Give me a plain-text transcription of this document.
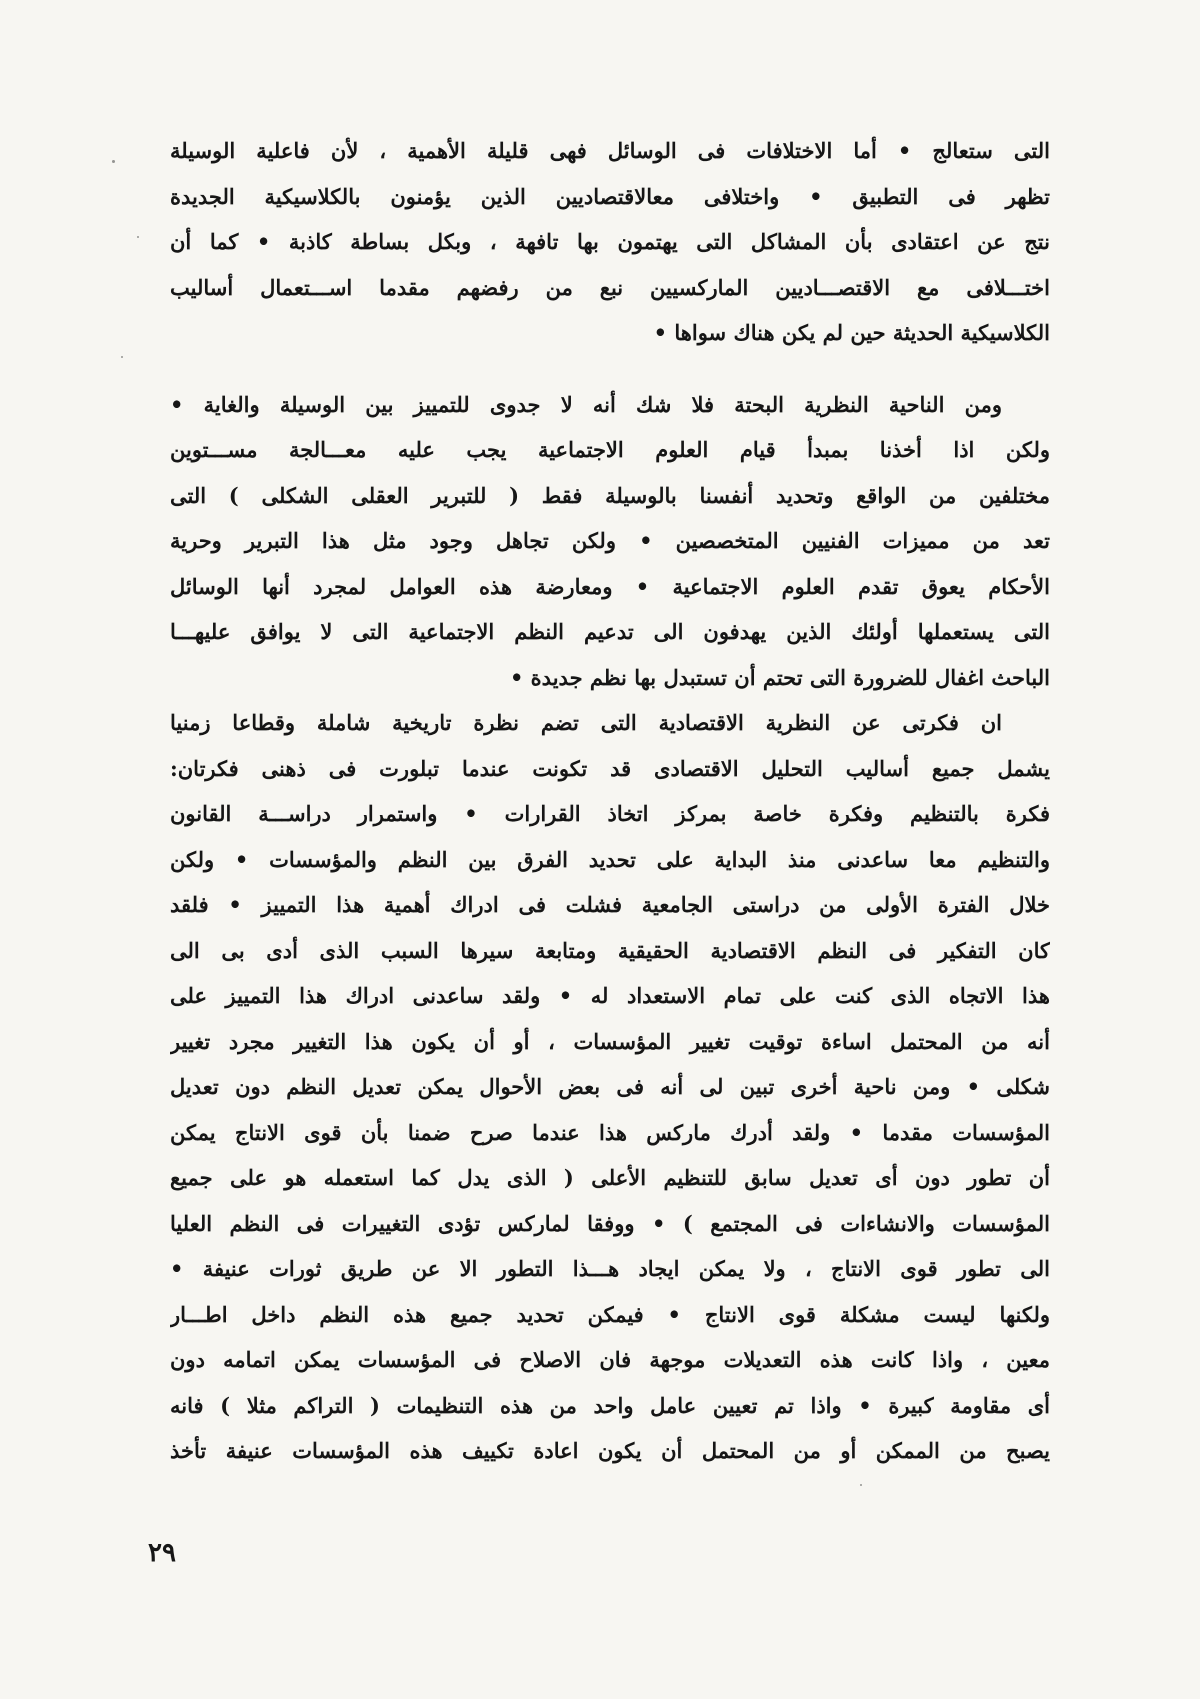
التى ستعالج • أما الاختلافات فى الوسائل فهى قليلة الأهمية ، لأن فاعلية الوسيلة
تظهر فى التطبيق • واختلافى معالاقتصاديين الذين يؤمنون بالكلاسيكية الجديدة
نتج عن اعتقادى بأن المشاكل التى يهتمون بها تافهة ، وبكل بساطة كاذبة • كما أن
اختـــلافى مع الاقتصـــاديين الماركسيين نبع من رفضهم مقدما اســـتعمال أساليب
الكلاسيكية الحديثة حين لم يكن هناك سواها •
ومن الناحية النظرية البحتة فلا شك أنه لا جدوى للتمييز بين الوسيلة والغاية •
ولكن اذا أخذنا بمبدأ قيام العلوم الاجتماعية يجب عليه معـــالجة مســـتوين
مختلفين من الواقع وتحديد أنفسنا بالوسيلة فقط ( للتبرير العقلى الشكلى ) التى
تعد من مميزات الفنيين المتخصصين • ولكن تجاهل وجود مثل هذا التبرير وحرية
الأحكام يعوق تقدم العلوم الاجتماعية • ومعارضة هذه العوامل لمجرد أنها الوسائل
التى يستعملها أولئك الذين يهدفون الى تدعيم النظم الاجتماعية التى لا يوافق عليهـــا
الباحث اغفال للضرورة التى تحتم أن تستبدل بها نظم جديدة •
ان فكرتى عن النظرية الاقتصادية التى تضم نظرة تاريخية شاملة وقطاعا زمنيا
يشمل جميع أساليب التحليل الاقتصادى قد تكونت عندما تبلورت فى ذهنى فكرتان:
فكرة بالتنظيم وفكرة خاصة بمركز اتخاذ القرارات • واستمرار دراســـة القانون
والتنظيم معا ساعدنى منذ البداية على تحديد الفرق بين النظم والمؤسسات • ولكن
خلال الفترة الأولى من دراستى الجامعية فشلت فى ادراك أهمية هذا التمييز • فلقد
كان التفكير فى النظم الاقتصادية الحقيقية ومتابعة سيرها السبب الذى أدى بى الى
هذا الاتجاه الذى كنت على تمام الاستعداد له • ولقد ساعدنى ادراك هذا التمييز على
أنه من المحتمل اساءة توقيت تغيير المؤسسات ، أو أن يكون هذا التغيير مجرد تغيير
شكلى • ومن ناحية أخرى تبين لى أنه فى بعض الأحوال يمكن تعديل النظم دون تعديل
المؤسسات مقدما • ولقد أدرك ماركس هذا عندما صرح ضمنا بأن قوى الانتاج يمكن
أن تطور دون أى تعديل سابق للتنظيم الأعلى ( الذى يدل كما استعمله هو على جميع
المؤسسات والانشاءات فى المجتمع ) • ووفقا لماركس تؤدى التغييرات فى النظم العليا
الى تطور قوى الانتاج ، ولا يمكن ايجاد هـــذا التطور الا عن طريق ثورات عنيفة •
ولكنها ليست مشكلة قوى الانتاج • فيمكن تحديد جميع هذه النظم داخل اطـــار
معين ، واذا كانت هذه التعديلات موجهة فان الاصلاح فى المؤسسات يمكن اتمامه دون
أى مقاومة كبيرة • واذا تم تعيين عامل واحد من هذه التنظيمات ( التراكم مثلا ) فانه
يصبح من الممكن أو من المحتمل أن يكون اعادة تكييف هذه المؤسسات عنيفة تأخذ
٢٩
